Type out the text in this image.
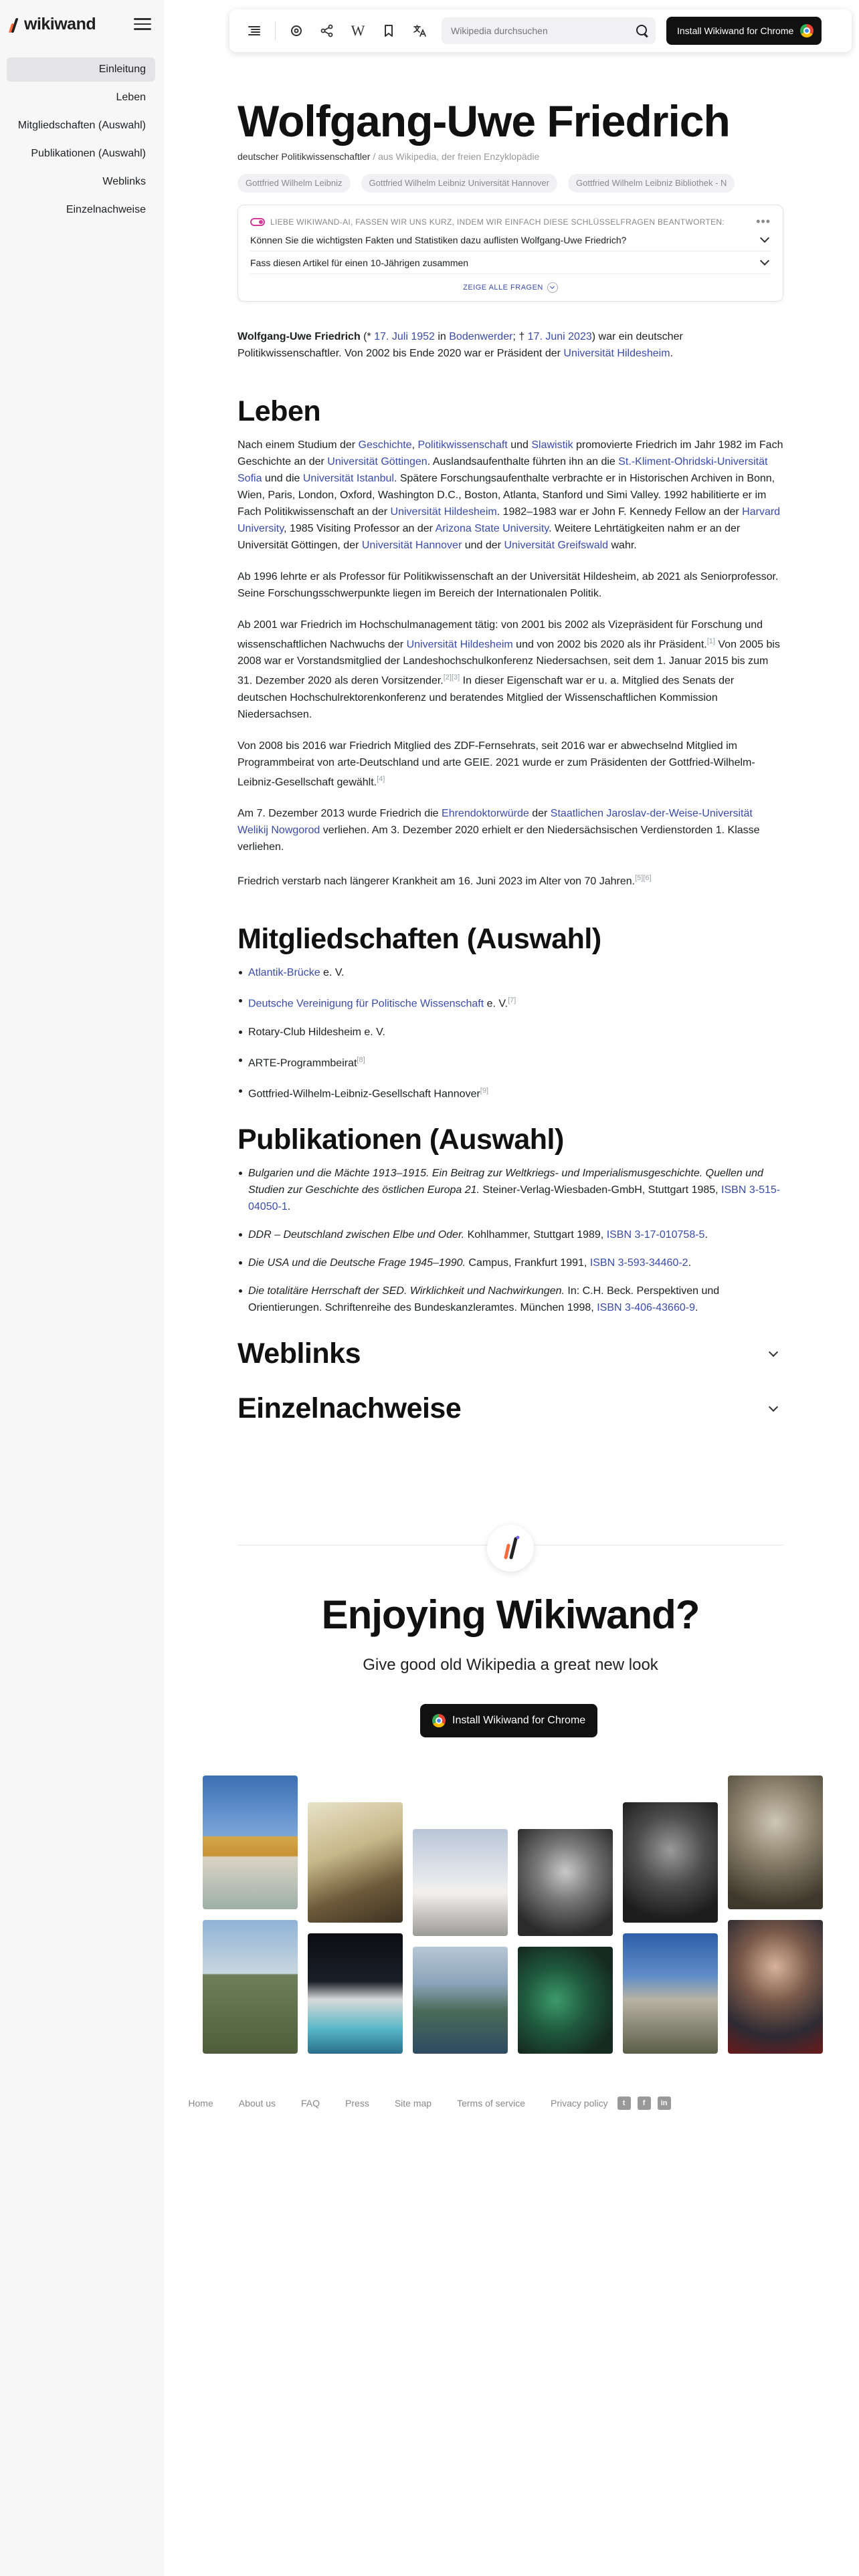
wikiwand
Einleitung
Leben
Mitgliedschaften (Auswahl)
Publikationen (Auswahl)
Weblinks
Einzelnachweise
W
Wikipedia durchsuchen	Install Wikiwand for Chrome
Wolfgang-Uwe Friedrich
deutscher Politikwissenschaftler / aus Wikipedia, der freien Enzyklopädie
Gottfried Wilhelm Leibniz	Gottfried Wilhelm Leibniz Universität Hannover	Gottfried Wilhelm Leibniz Bibliothek - N
LIEBE WIKIWAND-AI, FASSEN WIR UNS KURZ, INDEM WIR EINFACH DIESE SCHLÜSSELFRAGEN BEANTWORTEN:	•••
Können Sie die wichtigsten Fakten und Statistiken dazu auflisten Wolfgang-Uwe Friedrich?
Fass diesen Artikel für einen 10-Jährigen zusammen
ZEIGE ALLE FRAGEN

Wolfgang-Uwe Friedrich (* 17. Juli 1952 in Bodenwerder; † 17. Juni 2023) war ein deutscher Politikwissenschaftler. Von 2002 bis Ende 2020 war er Präsident der Universität Hildesheim.

Leben

Nach einem Studium der Geschichte, Politikwissenschaft und Slawistik promovierte Friedrich im Jahr 1982 im Fach Geschichte an der Universität Göttingen. Auslandsaufenthalte führten ihn an die St.-Kliment-Ohridski-Universität Sofia und die Universität Istanbul. Spätere Forschungsaufenthalte verbrachte er in Historischen Archiven in Bonn, Wien, Paris, London, Oxford, Washington D.C., Boston, Atlanta, Stanford und Simi Valley. 1992 habilitierte er im Fach Politikwissenschaft an der Universität Hildesheim. 1982–1983 war er John F. Kennedy Fellow an der Harvard University, 1985 Visiting Professor an der Arizona State University. Weitere Lehrtätigkeiten nahm er an der Universität Göttingen, der Universität Hannover und der Universität Greifswald wahr.

Ab 1996 lehrte er als Professor für Politikwissenschaft an der Universität Hildesheim, ab 2021 als Seniorprofessor. Seine Forschungsschwerpunkte liegen im Bereich der Internationalen Politik.

Ab 2001 war Friedrich im Hochschulmanagement tätig: von 2001 bis 2002 als Vizepräsident für Forschung und wissenschaftlichen Nachwuchs der Universität Hildesheim und von 2002 bis 2020 als ihr Präsident.[1] Von 2005 bis 2008 war er Vorstandsmitglied der Landeshochschulkonferenz Niedersachsen, seit dem 1. Januar 2015 bis zum 31. Dezember 2020 als deren Vorsitzender.[2][3] In dieser Eigenschaft war er u. a. Mitglied des Senats der deutschen Hochschulrektorenkonferenz und beratendes Mitglied der Wissenschaftlichen Kommission Niedersachsen.

Von 2008 bis 2016 war Friedrich Mitglied des ZDF-Fernsehrats, seit 2016 war er abwechselnd Mitglied im Programmbeirat von arte-Deutschland und arte GEIE. 2021 wurde er zum Präsidenten der Gottfried-Wilhelm-Leibniz-Gesellschaft gewählt.[4]

Am 7. Dezember 2013 wurde Friedrich die Ehrendoktorwürde der Staatlichen Jaroslav-der-Weise-Universität Welikij Nowgorod verliehen. Am 3. Dezember 2020 erhielt er den Niedersächsischen Verdienstorden 1. Klasse verliehen.

Friedrich verstarb nach längerer Krankheit am 16. Juni 2023 im Alter von 70 Jahren.[5][6]

Mitgliedschaften (Auswahl)
Atlantik-Brücke e. V.
Deutsche Vereinigung für Politische Wissenschaft e. V.[7]
Rotary-Club Hildesheim e. V.
ARTE-Programmbeirat[8]
Gottfried-Wilhelm-Leibniz-Gesellschaft Hannover[9]
Publikationen (Auswahl)
Bulgarien und die Mächte 1913–1915. Ein Beitrag zur Weltkriegs- und Imperialismusgeschichte. Quellen und Studien zur Geschichte des östlichen Europa 21. Steiner-Verlag-Wiesbaden-GmbH, Stuttgart 1985, ISBN 3-515-04050-1.
DDR – Deutschland zwischen Elbe und Oder. Kohlhammer, Stuttgart 1989, ISBN 3-17-010758-5.
Die USA und die Deutsche Frage 1945–1990. Campus, Frankfurt 1991, ISBN 3-593-34460-2.
Die totalitäre Herrschaft der SED. Wirklichkeit und Nachwirkungen. In: C.H. Beck. Perspektiven und Orientierungen. Schriftenreihe des Bundeskanzleramtes. München 1998, ISBN 3-406-43660-9.
Weblinks
Einzelnachweise
Enjoying Wikiwand?
Give good old Wikipedia a great new look
Install Wikiwand for Chrome
Home	About us	FAQ	Press	Site map	Terms of service	Privacy policy	t	f	in
